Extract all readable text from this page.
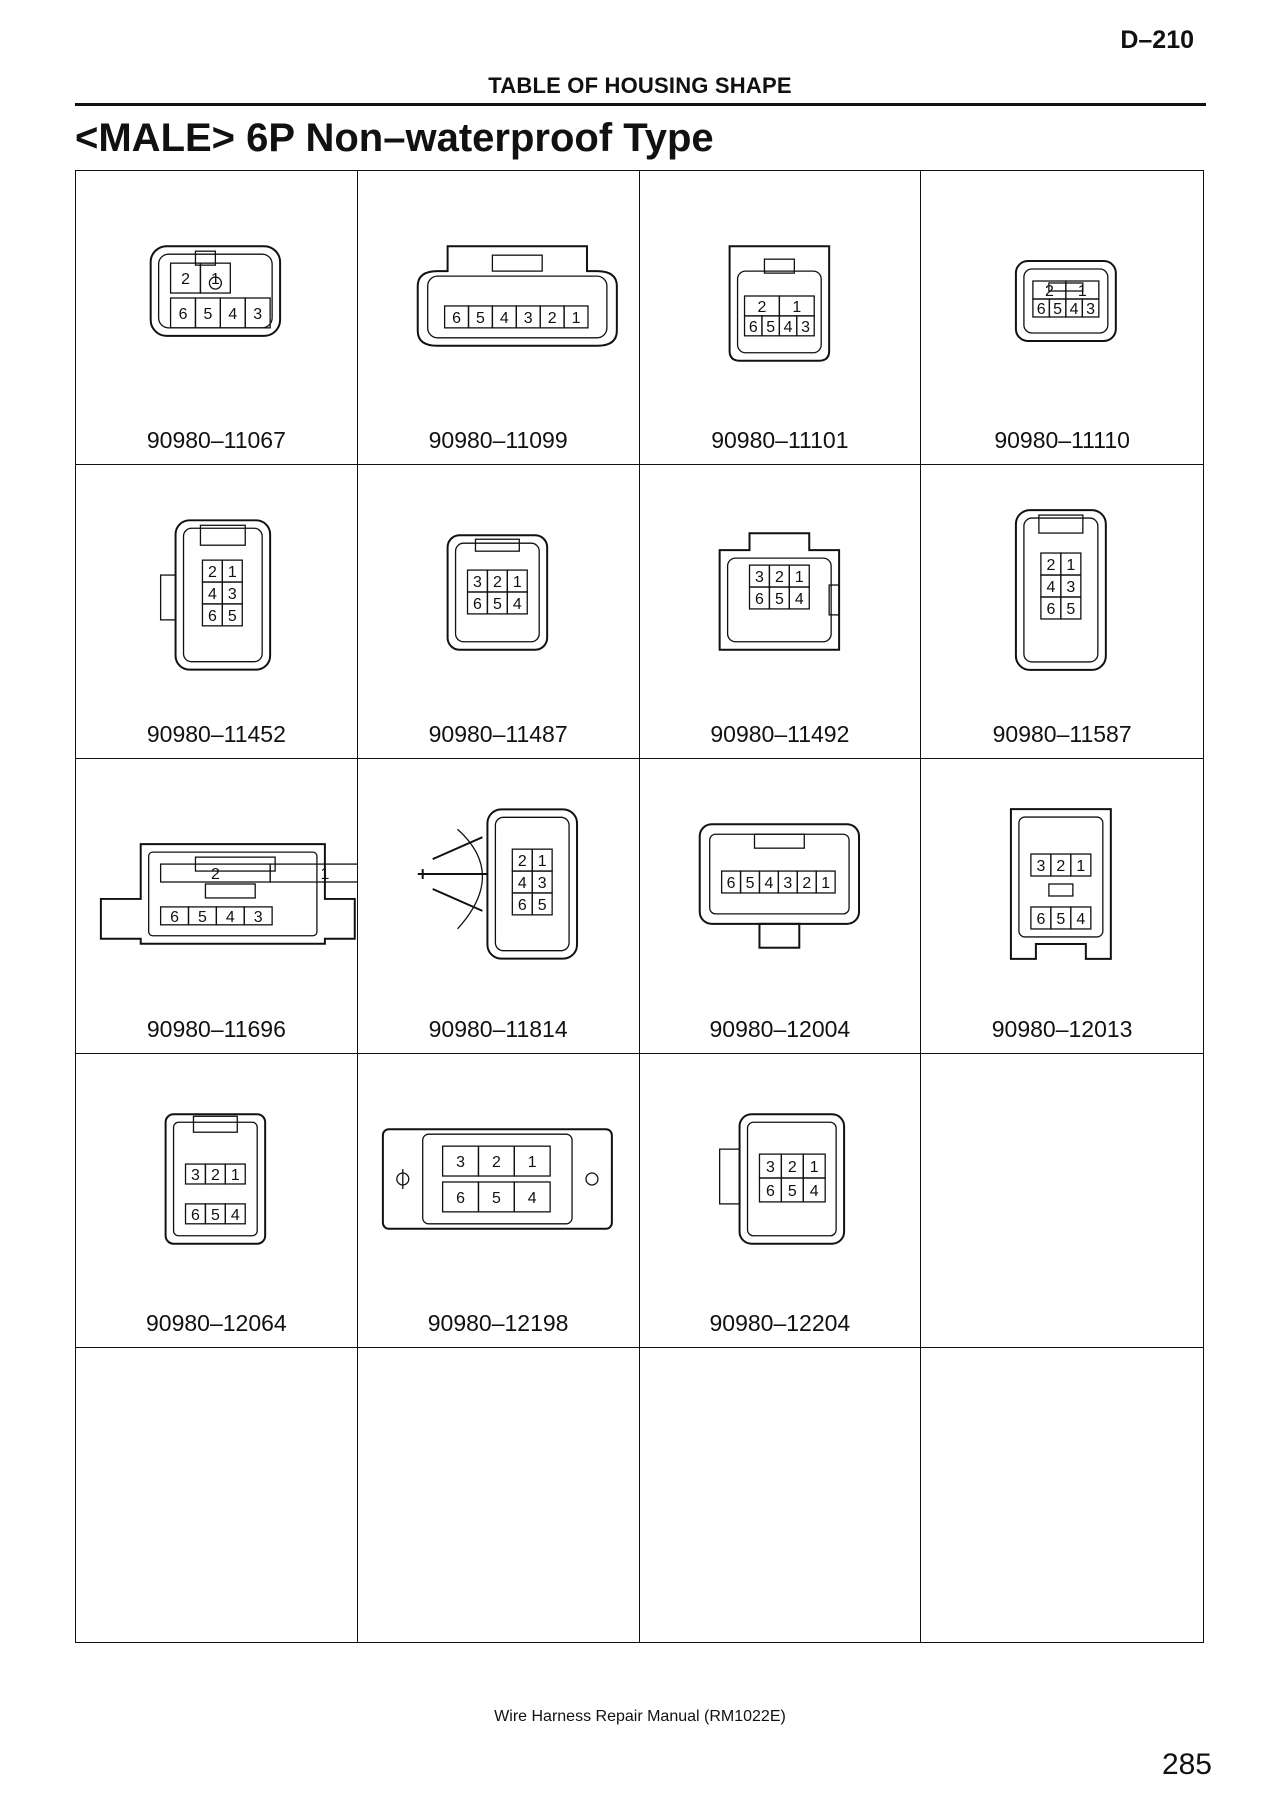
D–210
TABLE OF HOUSING SHAPE
<MALE> 6P Non–waterproof Type
2 1
6 5 4 3
90980–11067
6 5 4 3 2 1
90980–11099
2 1
6 5 4 3
90980–11101
2 1
6 5 4 3
90980–11110
2 1
4 3
6 5
90980–11452
3 2 1
6 5 4
90980–11487
3 2 1
6 5 4
90980–11492
2 1
4 3
6 5
90980–11587
2	1
6 5 4 3
90980–11696
2 1
4 3
6 5
90980–11814
6 5 4 3 2 1
90980–12004
3 2 1
6 5 4
90980–12013
3 2 1
6 5 4
90980–12064
3 2 1
6 5 4
90980–12198
3 2 1
6 5 4
90980–12204
Wire Harness Repair Manual (RM1022E)
285
